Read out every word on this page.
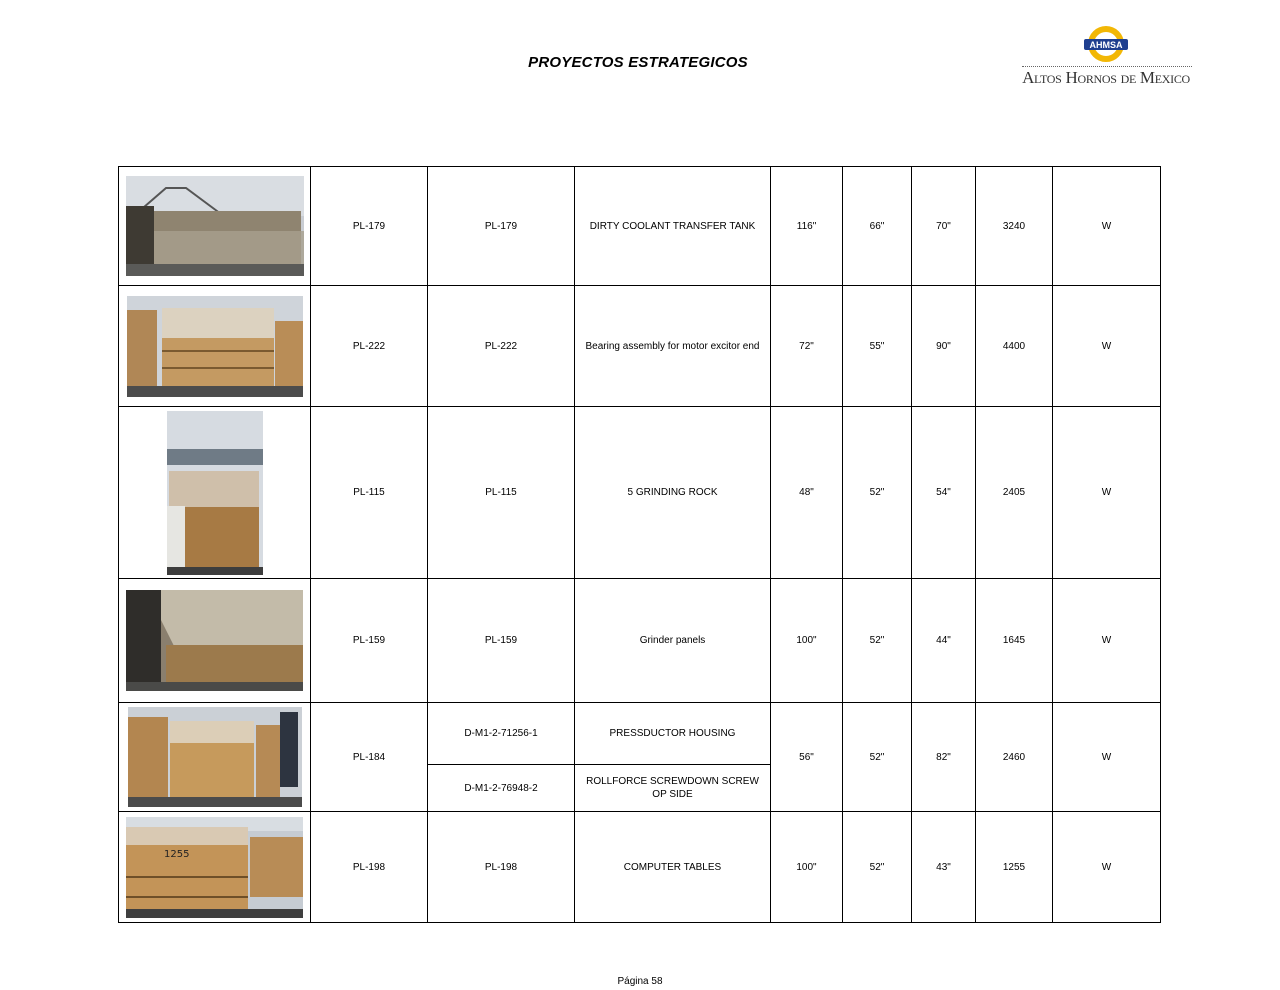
PROYECTOS ESTRATEGICOS
AHMSA
Altos Hornos de Mexico
	PL-179	PL-179	DIRTY COOLANT TRANSFER TANK	116"	66"	70"	3240	W

	PL-222	PL-222	Bearing assembly for motor excitor end	72"	55"	90"	4400	W

	PL-115	PL-115	5 GRINDING ROCK	48"	52"	54"	2405	W

	PL-159	PL-159	Grinder panels	100"	52"	44"	1645	W

	PL-184	D-M1-2-71256-1	PRESSDUCTOR HOUSING	56"	52"	82"	2460	W
		D-M1-2-76948-2	ROLLFORCE SCREWDOWN SCREW OP SIDE					

1255	PL-198	PL-198	COMPUTER TABLES	100"	52"	43"	1255	W
Página 58
